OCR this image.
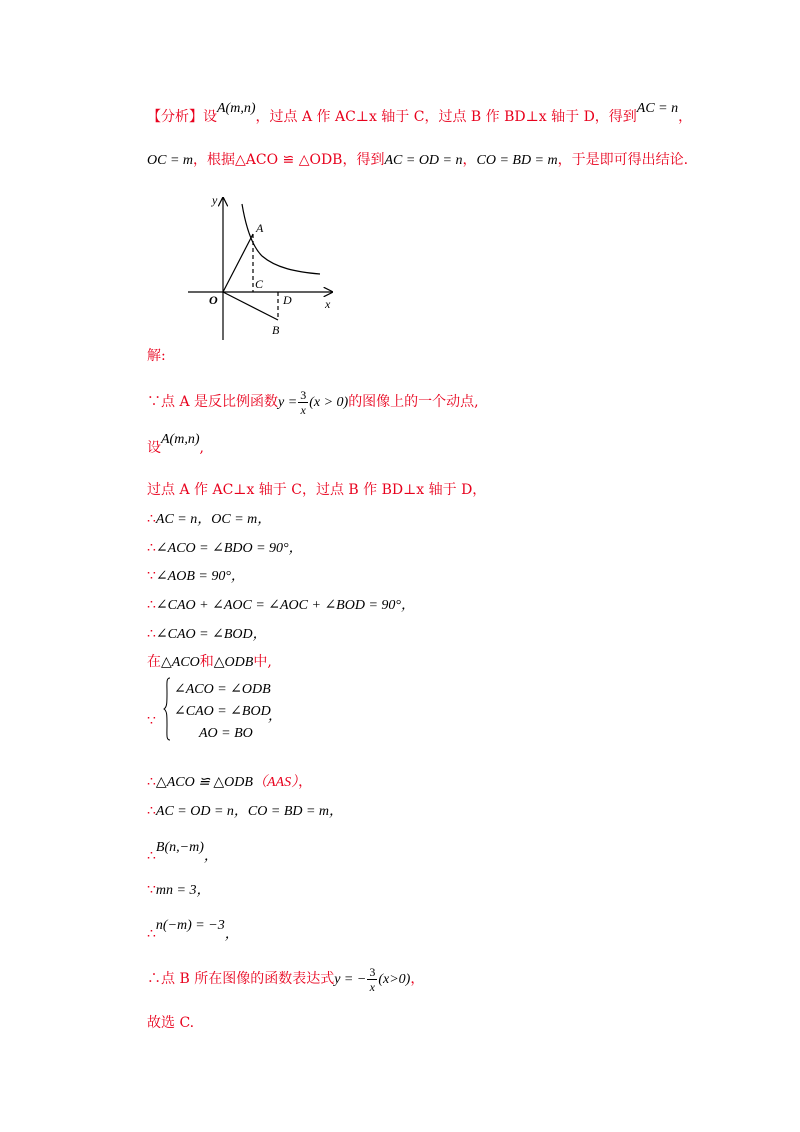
【分析】设A(m,n)，过点 A 作 AC⊥x 轴于 C，过点 B 作 BD⊥x 轴于 D，得到AC = n，
OC = m，根据△ACO ≌ △ODB，得到AC = OD = n，CO = BD = m，于是即可得出结论.
y
x
O
A
C
D
B
解:
∵点 A 是反比例函数$y = \frac{3}{x} (x > 0)$的图像上的一个动点,
设A(m,n),
过点 A 作 AC⊥x 轴于 C，过点 B 作 BD⊥x 轴于 D，
∴AC = n，OC = m，
∴∠ACO = ∠BDO = 90°，
∵∠AOB = 90°，
∴∠CAO + ∠AOC = ∠AOC + ∠BOD = 90°，
∴∠CAO = ∠BOD，
在△ACO和△ODB中,
∵
∠ACO = ∠ODB
∠CAO = ∠BOD
AO = BO
，
∴△ACO ≌ △ODB（AAS），
∴AC = OD = n，CO = BD = m，
∴B(n,−m)，
∵mn = 3，
∴n(−m) = −3，
∴点 B 所在图像的函数表达式y = − $\frac{3}{x} (x>0)$，
故选 C.
